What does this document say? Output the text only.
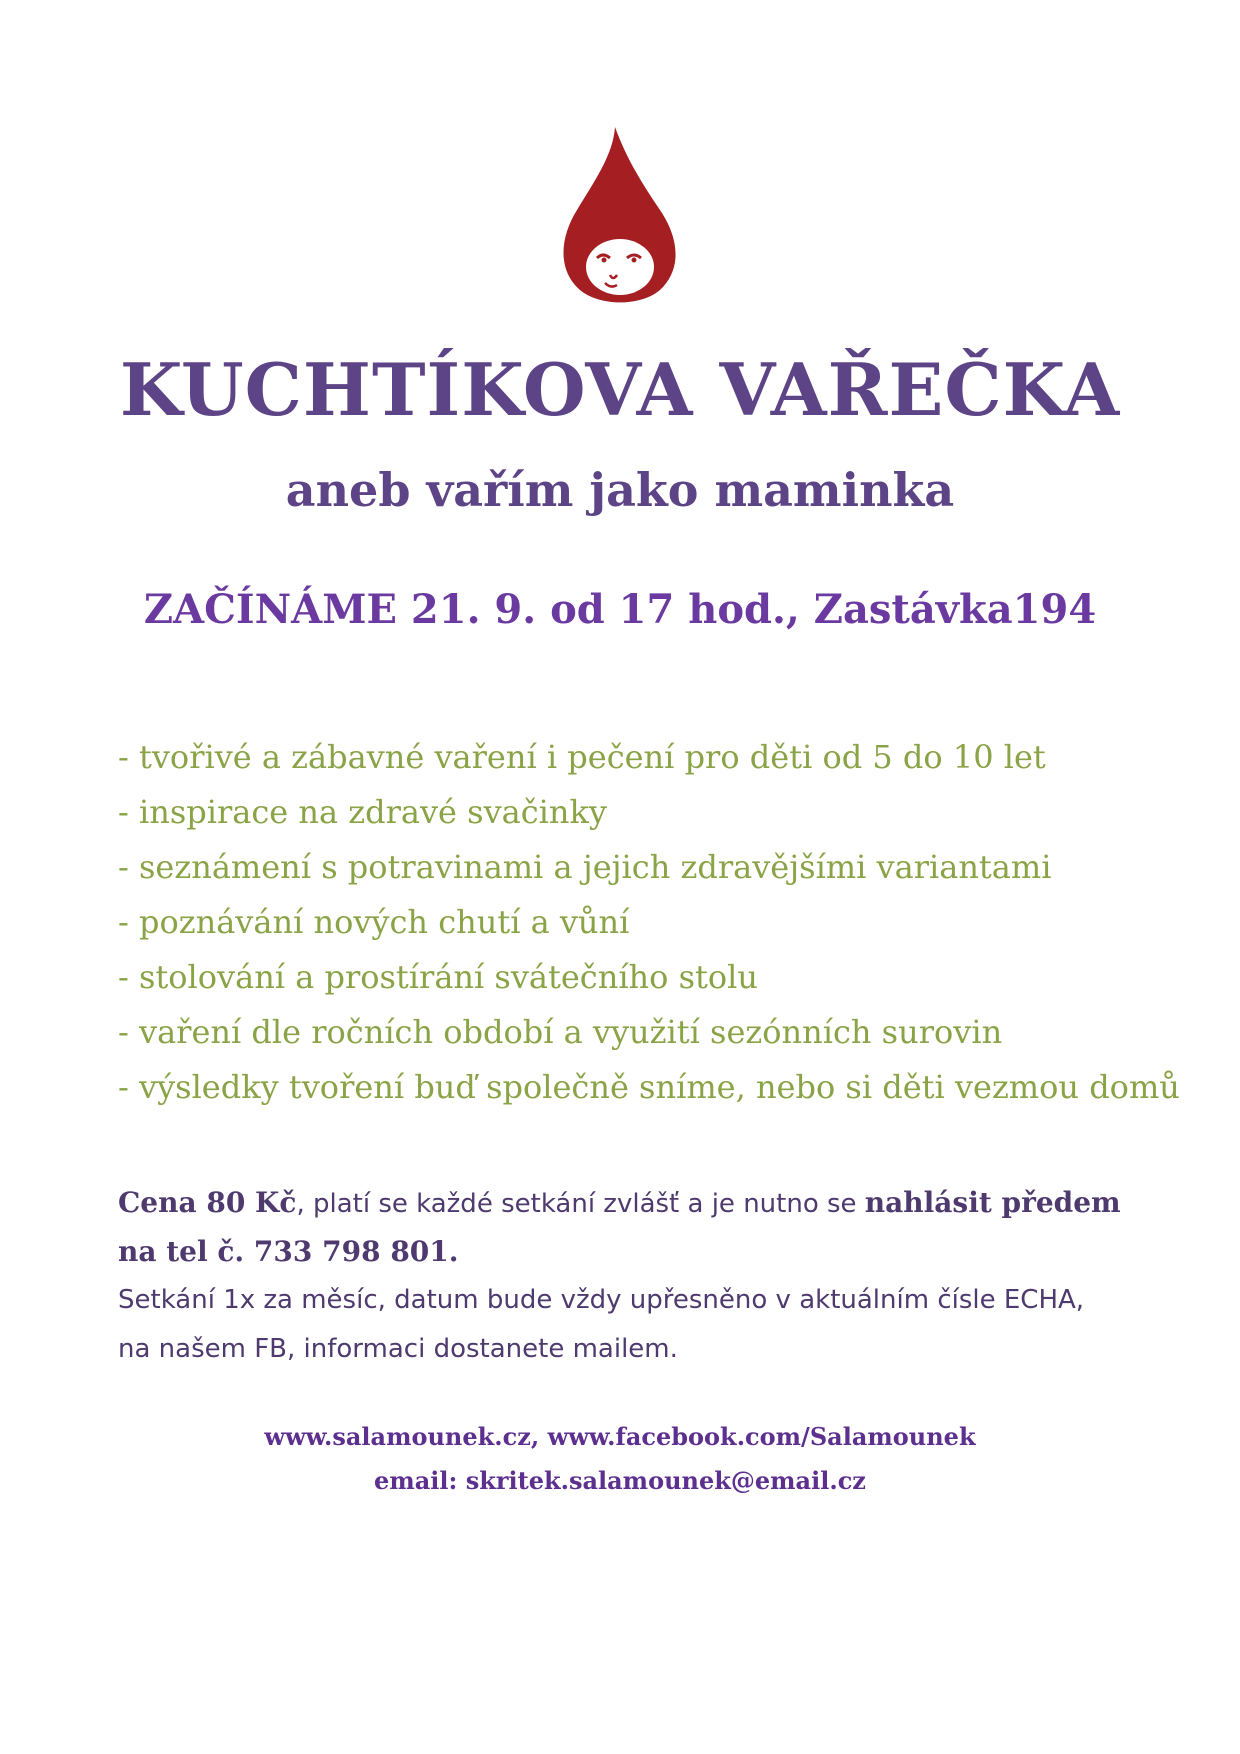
KUCHTÍKOVA VAŘEČKA
aneb vařím jako maminka
ZAČÍNÁME 21. 9. od 17 hod., Zastávka194
- tvořivé a zábavné vaření i pečení pro děti od 5 do 10 let
- inspirace na zdravé svačinky
- seznámení s potravinami a jejich zdravějšími variantami
- poznávání nových chutí a vůní
- stolování a prostírání svátečního stolu
- vaření dle ročních období a využití sezónních surovin
- výsledky tvoření buď společně sníme, nebo si děti vezmou domů
Cena 80 Kč, platí se každé setkání zvlášť a je nutno se nahlásit předem
na tel č. 733 798 801.
Setkání 1x za měsíc, datum bude vždy upřesněno v aktuálním čísle ECHA,
na našem FB, informaci dostanete mailem.
www.salamounek.cz, www.facebook.com/Salamounek
email: skritek.salamounek@email.cz
